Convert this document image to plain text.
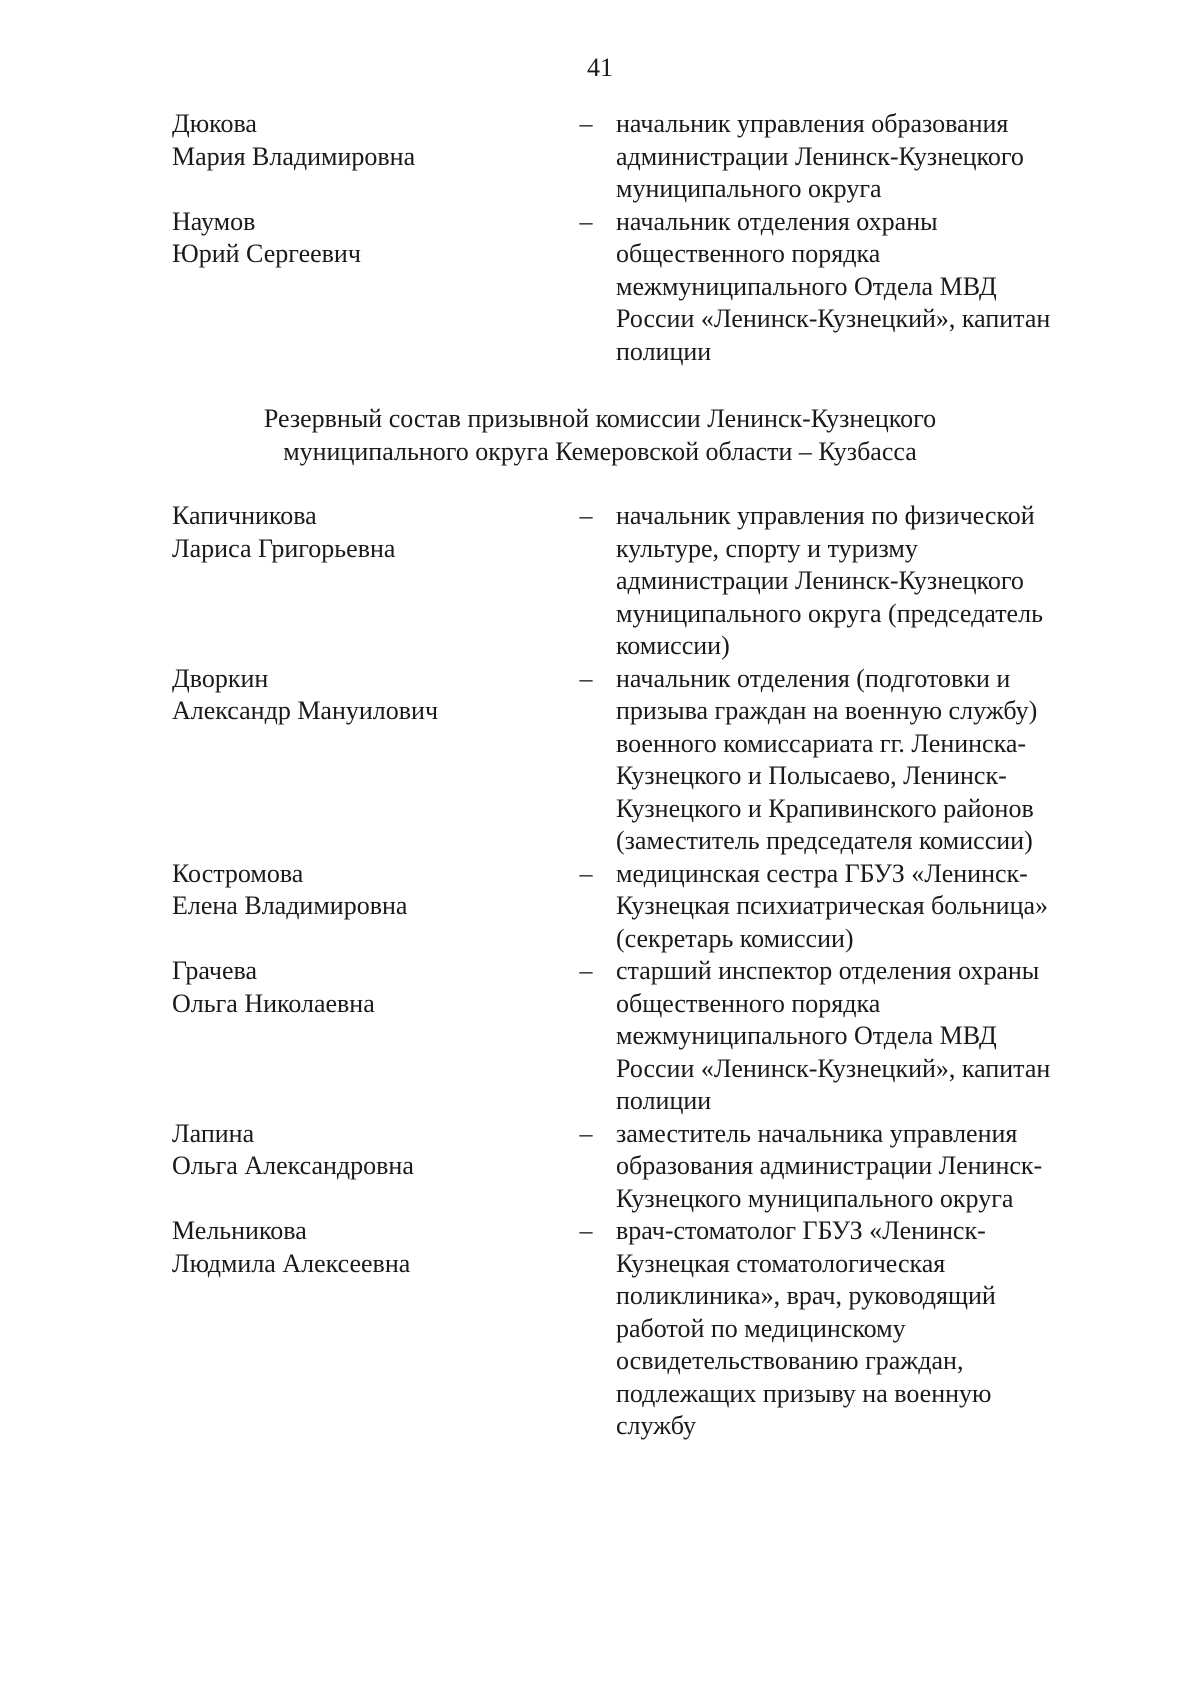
41
Дюкова
Мария Владимировна
– начальник управления образования
администрации Ленинск-Кузнецкого
муниципального округа
Наумов
Юрий Сергеевич
– начальник отделения охраны
общественного порядка
межмуниципального Отдела МВД
России «Ленинск-Кузнецкий», капитан
полиции
Резервный состав призывной комиссии Ленинск-Кузнецкого
муниципального округа Кемеровской области – Кузбасса
Капичникова
Лариса Григорьевна
– начальник управления по физической
культуре, спорту и туризму
администрации Ленинск-Кузнецкого
муниципального округа (председатель
комиссии)
Дворкин
Александр Мануилович
– начальник отделения (подготовки и
призыва граждан на военную службу)
военного комиссариата гг. Ленинска-
Кузнецкого и Полысаево, Ленинск-
Кузнецкого и Крапивинского районов
(заместитель председателя комиссии)
Костромова
Елена Владимировна
– медицинская сестра ГБУЗ «Ленинск-
Кузнецкая психиатрическая больница»
(секретарь комиссии)
Грачева
Ольга Николаевна
– старший инспектор отделения охраны
общественного порядка
межмуниципального Отдела МВД
России «Ленинск-Кузнецкий», капитан
полиции
Лапина
Ольга Александровна
– заместитель начальника управления
образования администрации Ленинск-
Кузнецкого муниципального округа
Мельникова
Людмила Алексеевна
– врач-стоматолог ГБУЗ «Ленинск-
Кузнецкая стоматологическая
поликлиника», врач, руководящий
работой по медицинскому
освидетельствованию граждан,
подлежащих призыву на военную
службу
